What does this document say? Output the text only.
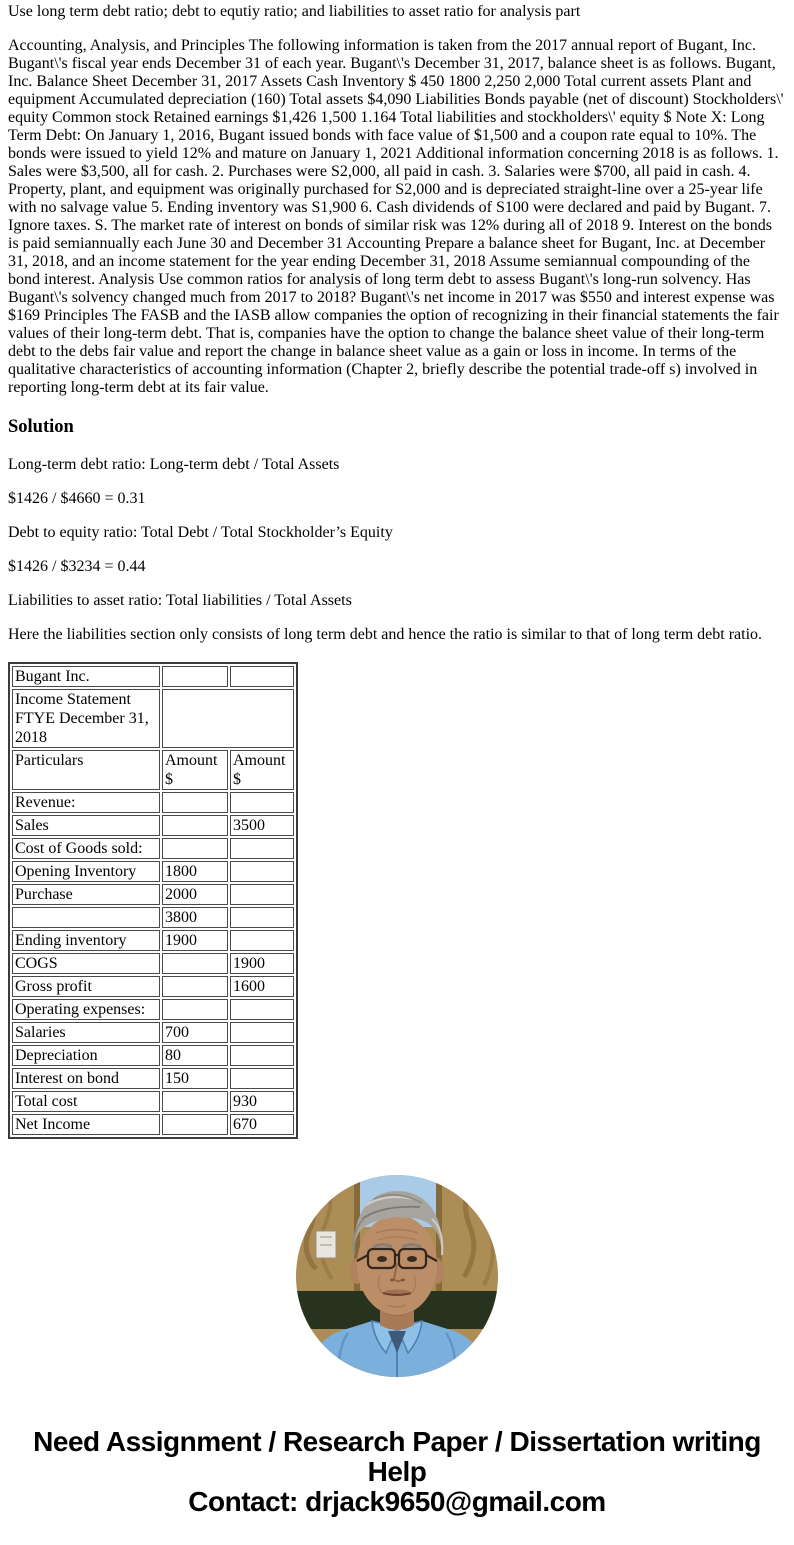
Use long term debt ratio; debt to equtiy ratio; and liabilities to asset ratio for analysis part

Accounting, Analysis, and Principles The following information is taken from the 2017 annual report of Bugant, Inc. Bugant\'s fiscal year ends December 31 of each year. Bugant\'s December 31, 2017, balance sheet is as follows. Bugant, Inc. Balance Sheet December 31, 2017 Assets Cash Inventory $ 450 1800 2,250 2,000 Total current assets Plant and equipment Accumulated depreciation (160) Total assets $4,090 Liabilities Bonds payable (net of discount) Stockholders\' equity Common stock Retained earnings $1,426 1,500 1.164 Total liabilities and stockholders\' equity $ Note X: Long Term Debt: On January 1, 2016, Bugant issued bonds with face value of $1,500 and a coupon rate equal to 10%. The bonds were issued to yield 12% and mature on January 1, 2021 Additional information concerning 2018 is as follows. 1. Sales were $3,500, all for cash. 2. Purchases were S2,000, all paid in cash. 3. Salaries were $700, all paid in cash. 4. Property, plant, and equipment was originally purchased for S2,000 and is depreciated straight-line over a 25-year life with no salvage value 5. Ending inventory was S1,900 6. Cash dividends of S100 were declared and paid by Bugant. 7. Ignore taxes. S. The market rate of interest on bonds of similar risk was 12% during all of 2018 9. Interest on the bonds is paid semiannually each June 30 and December 31 Accounting Prepare a balance sheet for Bugant, Inc. at December 31, 2018, and an income statement for the year ending December 31, 2018 Assume semiannual compounding of the bond interest. Analysis Use common ratios for analysis of long term debt to assess Bugant\'s long-run solvency. Has Bugant\'s solvency changed much from 2017 to 2018? Bugant\'s net income in 2017 was $550 and interest expense was $169 Principles The FASB and the IASB allow companies the option of recognizing in their financial statements the fair values of their long-term debt. That is, companies have the option to change the balance sheet value of their long-term debt to the debs fair value and report the change in balance sheet value as a gain or loss in income. In terms of the qualitative characteristics of accounting information (Chapter 2, briefly describe the potential trade-off s) involved in reporting long-term debt at its fair value.

Solution

Long-term debt ratio: Long-term debt / Total Assets

$1426 / $4660 = 0.31

Debt to equity ratio: Total Debt / Total Stockholder’s Equity

$1426 / $3234 = 0.44

Liabilities to asset ratio: Total liabilities / Total Assets

Here the liabilities section only consists of long term debt and hence the ratio is similar to that of long term debt ratio.

Bugant Inc.		
Income Statement FTYE December 31, 2018		
Particulars	Amount $	Amount $
Revenue:		
Sales		3500
Cost of Goods sold:		
Opening Inventory	1800	
Purchase	2000	
	3800	
Ending inventory	1900	
COGS		1900
Gross profit		1600
Operating expenses:		
Salaries	700	
Depreciation	80	
Interest on bond	150	
Total cost		930
Net Income		670
Need Assignment / Research Paper / Dissertation writing Help
Contact: drjack9650@gmail.com
